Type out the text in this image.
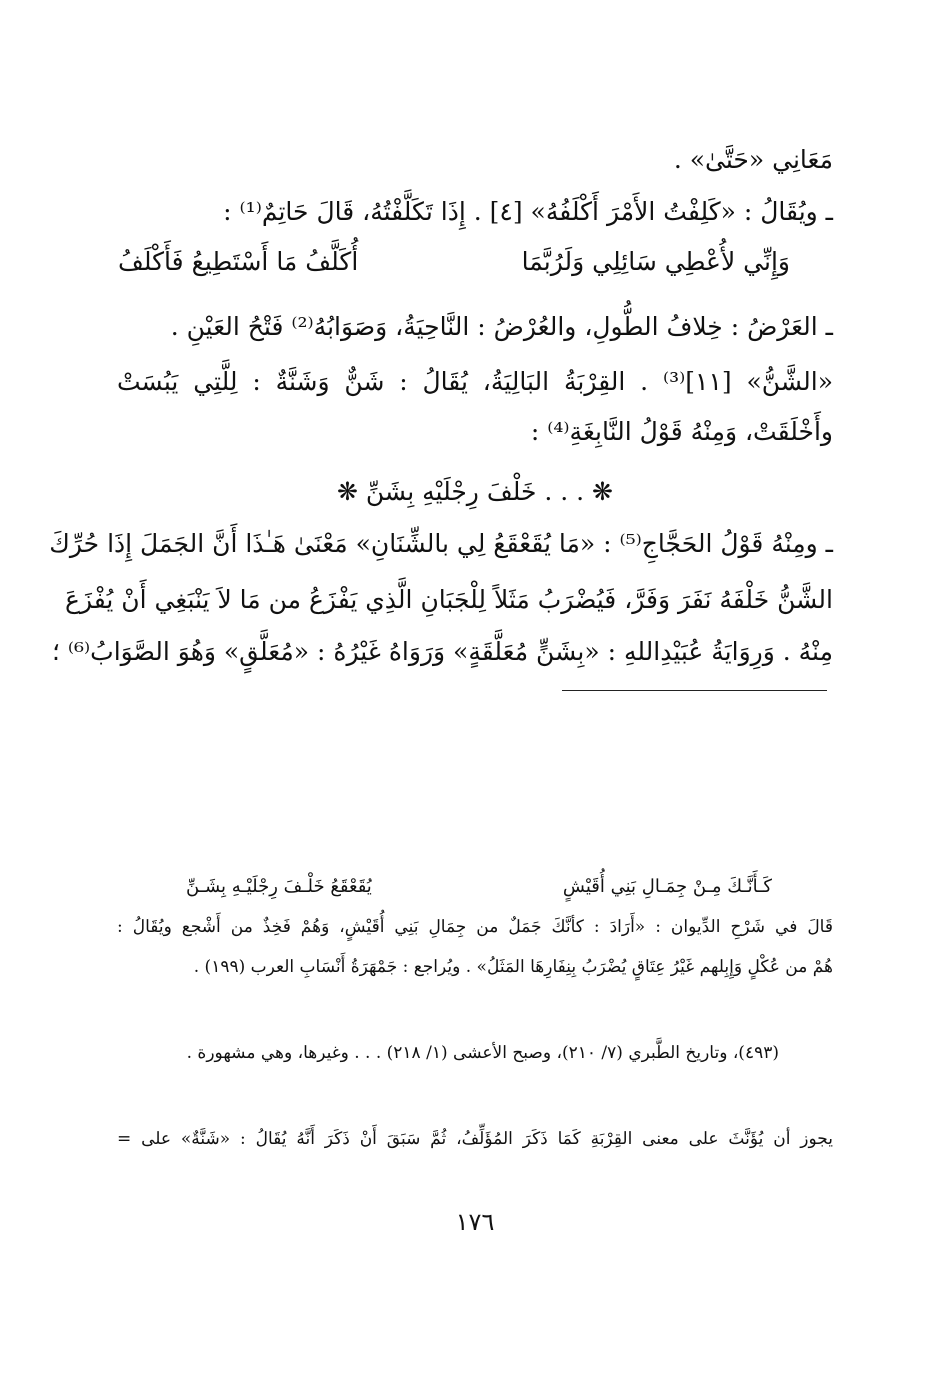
مَعَانِي «حَتَّىٰ» .
ـ ويُقَالُ : «كَلِفْتُ الأَمْرَ أَكْلَفُهُ» [٤] . إِذَا تَكَلَّفْتُهُ، قَالَ حَاتِمٌ⁽¹⁾ :
وَإِنِّي لأُعْطِي سَائِلِي وَلَرُبَّمَا
أُكَلَّفُ مَا أَسْتَطِيعُ فَأَكْلَفُ
ـ العَرْضُ : خِلافُ الطُّولِ، والعُرْضُ : النَّاحِيَةُ، وَصَوَابُهُ⁽²⁾ فَتْحُ العَيْنِ .
«الشَّنُّ» [١١]⁽³⁾ . القِرْبَةُ البَالِيَةُ، يُقَالُ : شَنٌّ وَشَنَّةٌ : لِلَّتِي يَبُسَتْ
وأَخْلَقَتْ، وَمِنْهُ قَوْلُ النَّابِغَةِ⁽⁴⁾ :
❋ . . . خَلْفَ رِجْلَيْهِ بِشَنِّ ❋
ـ ومِنْهُ قَوْلُ الحَجَّاجِ⁽⁵⁾ : «مَا يُقَعْقَعُ لِي بالشِّنَانِ» مَعْنَىٰ هَـٰذَا أَنَّ الجَمَلَ إِذَا حُرِّكَ
الشَّنُّ خَلْفَهُ نَفَرَ وَفَرَّ، فَيُضْرَبُ مَثَلاً لِلْجَبَانِ الَّذِي يَفْزَعُ من مَا لاَ يَنْبَغِي أَنْ يُفْزَعَ
مِنْهُ . وَرِوَايَةُ عُبَيْدِاللهِ : «بِشَنٍّ مُعَلَّقَةٍ» وَرَوَاهُ غَيْرُهُ : «مُعَلَّقٍ» وَهُوَ الصَّوَابُ⁽⁶⁾ ؛
كَـأَنَّـكَ مِـنْ جِمَـالِ بَنِي أُقَيْشٍ
يُقَعْقَعُ خَلْـفَ رِجْلَيْـهِ بِشَـنِّ
قَالَ في شَرْحِ الدِّيوان : «أَرَادَ : كأنَّكَ جَمَلٌ من جِمَالِ بَنِي أُقَيْشٍ، وَهُمْ فَخِذٌ من أَشْجع ويُقَالُ :
هُمْ من عُكْلٍ وَإِبِلهم غَيْرُ عِتَاقٍ يُضْرَبُ بِنِفَارِهَا المَثَلُ» . ويُراجع : جَمْهَرَةُ أَنْسَابِ العرب (١٩٩) .
(٤٩٣)، وتاريخ الطَّبري (٧/ ٢١٠)، وصبح الأعشى (١/ ٢١٨) . . . وغيرها، وهي مشهورة .
يجوز أن يُؤَنَّثَ على معنى القِرْبَةِ كَمَا ذَكَرَ المُؤَلِّفُ، ثُمَّ سَبَقَ أَنْ ذَكَرَ أَنَّهُ يُقَالُ : «شَنَّةٌ» على =
١٧٦
